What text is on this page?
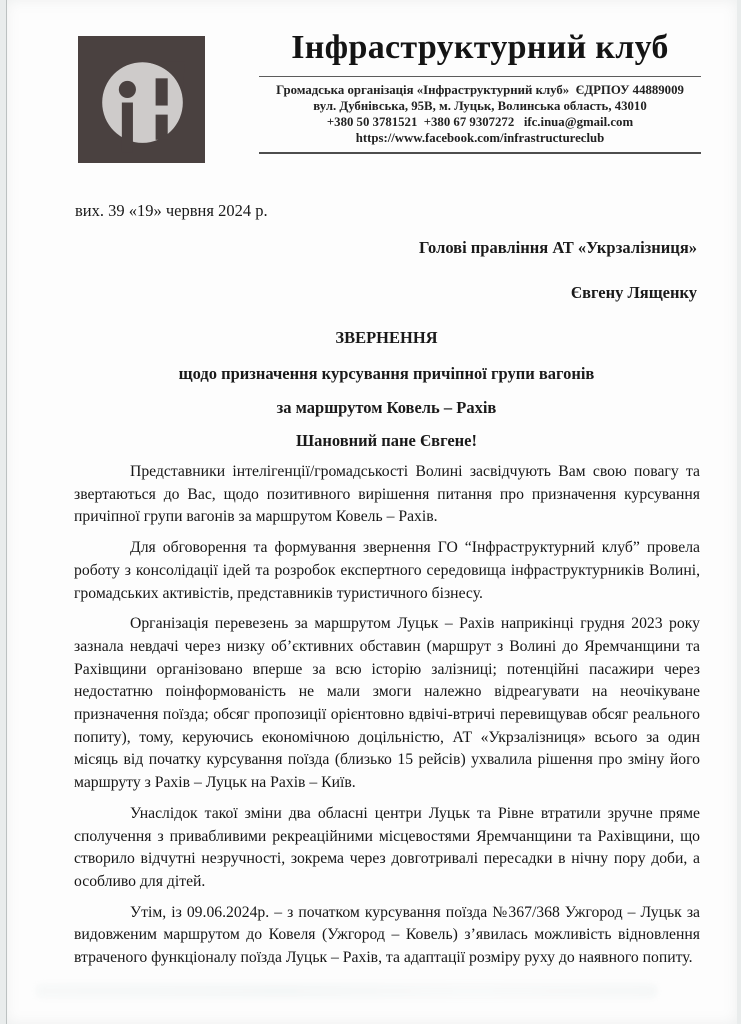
Інфраструктурний клуб
Громадська організація «Інфраструктурний клуб»  ЄДРПОУ 44889009
вул. Дубнівська, 95В, м. Луцьк, Волинська область, 43010
+380 50 3781521  +380 67 9307272   ifc.inua@gmail.com
https://www.facebook.com/infrastructureclub
вих. 39 «19» червня 2024 р.
Голові правління АТ «Укрзалізниця»
Євгену Лященку
ЗВЕРНЕННЯ
щодо призначення курсування причіпної групи вагонів
за маршрутом Ковель – Рахів
Шановний пане Євгене!

Представники інтелігенції/громадськості Волині засвідчують Вам свою повагу та звертаються до Вас, щодо позитивного вирішення питання про призначення курсування причіпної групи вагонів за маршрутом Ковель – Рахів.

Для обговорення та формування звернення ГО “Інфраструктурний клуб” провела роботу з консолідації ідей та розробок експертного середовища інфраструктурників Волині, громадських активістів, представників туристичного бізнесу.

Організація перевезень за маршрутом Луцьк – Рахів наприкінці грудня 2023 року зазнала невдачі через низку об’єктивних обставин (маршрут з Волині до Яремчанщини та Рахівщини організовано вперше за всю історію залізниці; потенційні пасажири через недостатню поінформованість не мали змоги належно відреагувати на неочікуване призначення поїзда; обсяг пропозиції орієнтовно вдвічі-втричі перевищував обсяг реального попиту), тому, керуючись економічною доцільністю, АТ «Укрзалізниця» всього за один місяць від початку курсування поїзда (близько 15 рейсів) ухвалила рішення про зміну його маршруту з Рахів – Луцьк на Рахів – Київ.

Унаслідок такої зміни два обласні центри Луцьк та Рівне втратили зручне пряме сполучення з привабливими рекреаційними місцевостями Яремчанщини та Рахівщини, що створило відчутні незручності, зокрема через довготривалі пересадки в нічну пору доби, а особливо для дітей.

Утім, із 09.06.2024р. – з початком курсування поїзда №367/368 Ужгород – Луцьк за видовженим маршрутом до Ковеля (Ужгород – Ковель) з’явилась можливість відновлення втраченого функціоналу поїзда Луцьк – Рахів, та адаптації розміру руху до наявного попиту.
